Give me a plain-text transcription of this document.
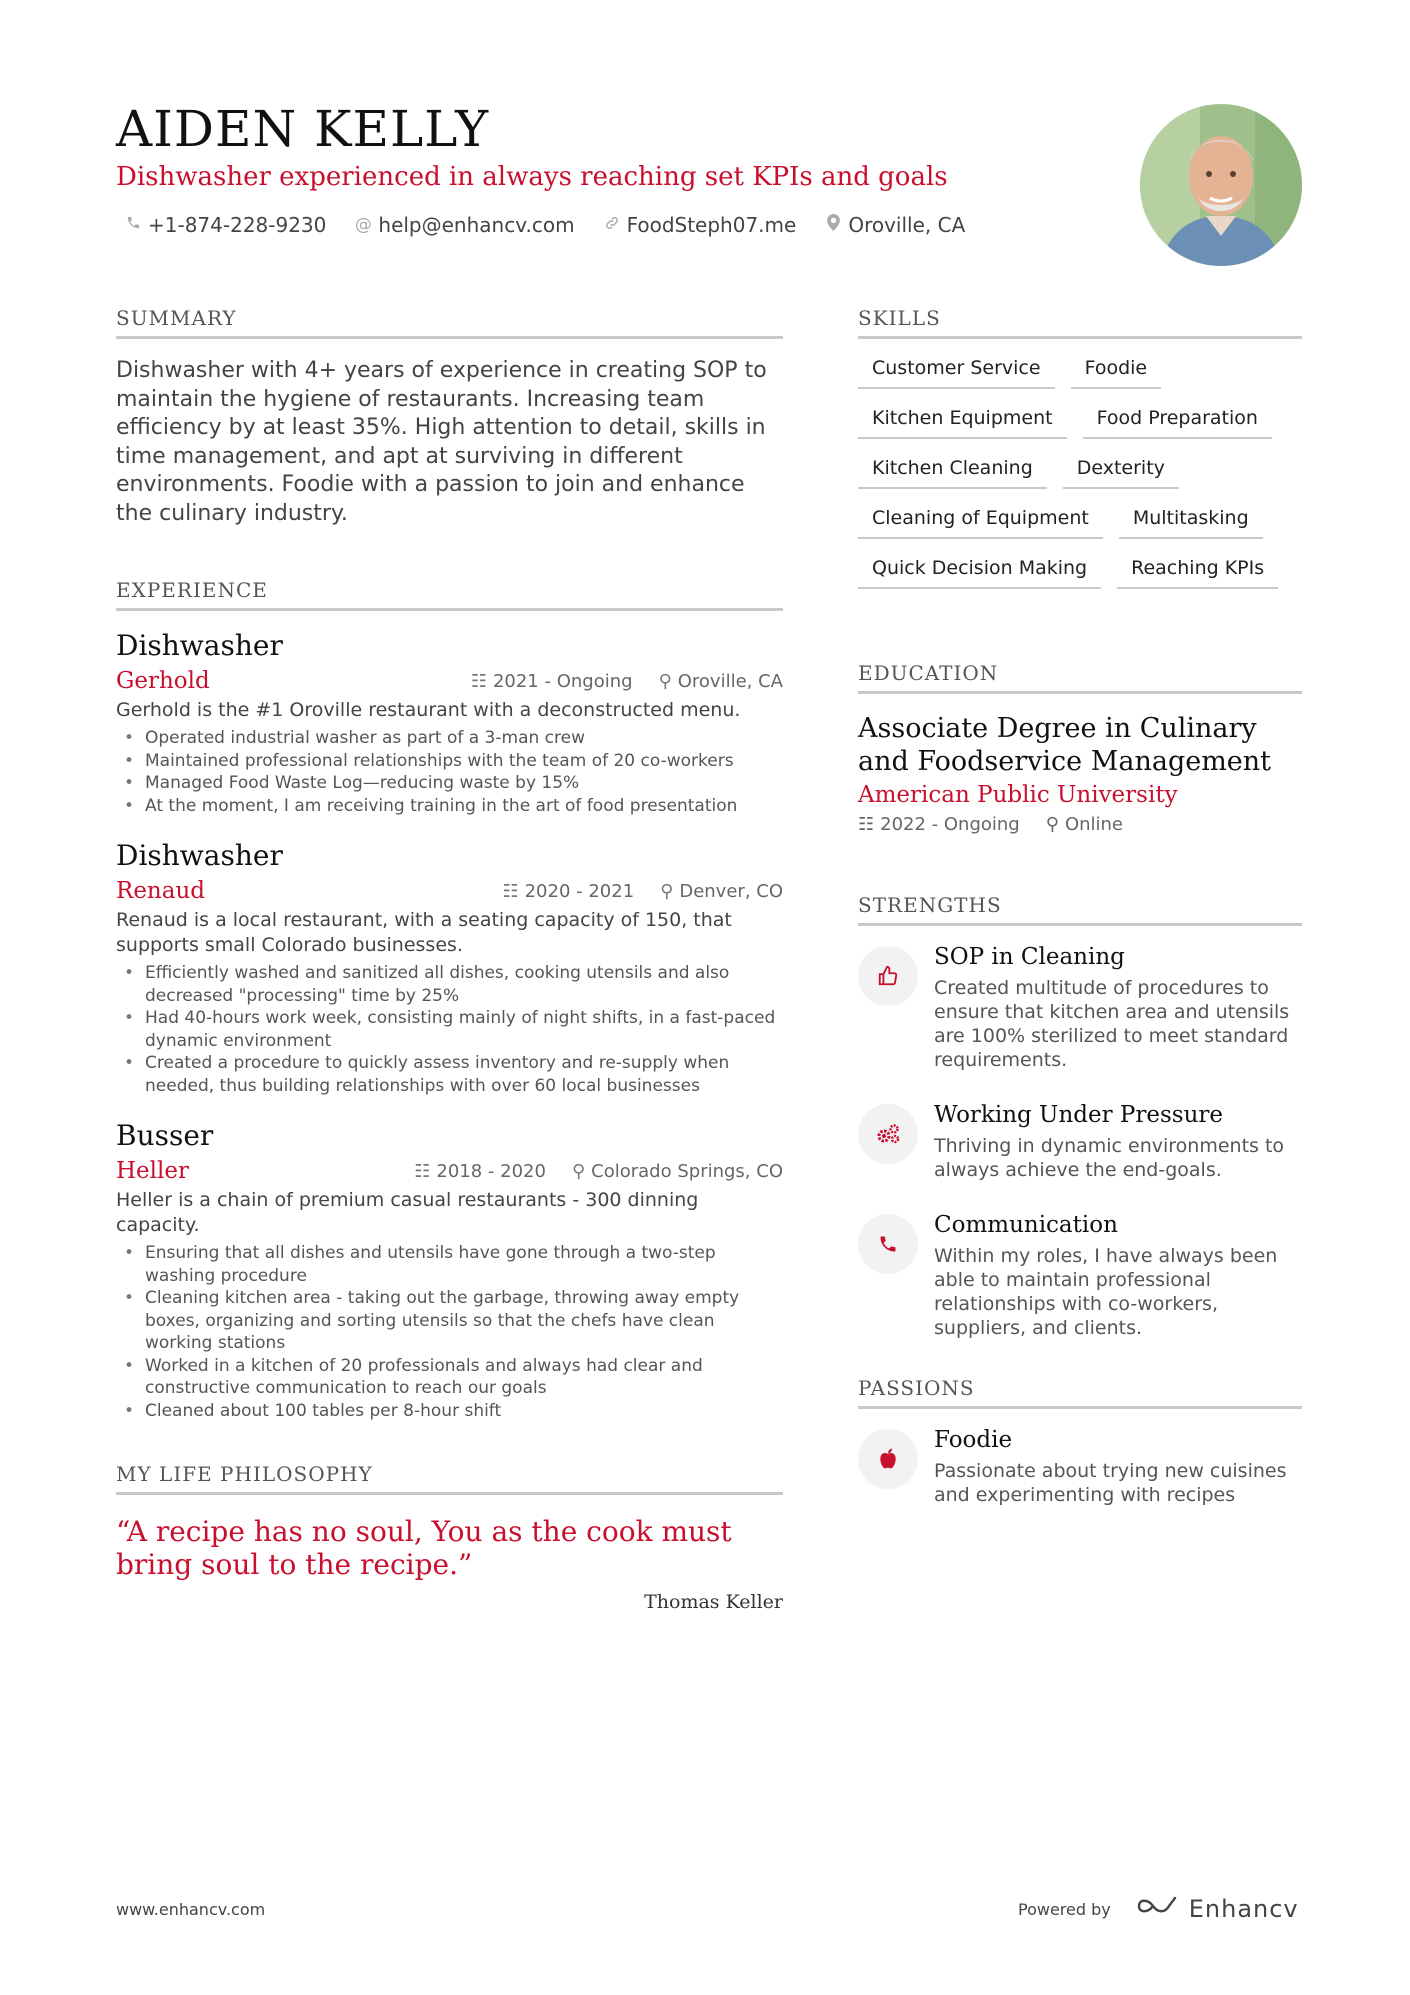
AIDEN KELLY
Dishwasher experienced in always reaching set KPIs and goals
+1-874-228-9230 @ help@enhancv.com	FoodSteph07.me	Oroville, CA
SUMMARY

Dishwasher with 4+ years of experience in creating SOP to maintain the hygiene of restaurants. Increasing team efficiency by at least 35%. High attention to detail, skills in time management, and apt at surviving in different environments. Foodie with a passion to join and enhance the culinary industry.

EXPERIENCE
Dishwasher
Gerhold	☷ 2021 - Ongoing ⚲ Oroville, CA

Gerhold is the #1 Oroville restaurant with a deconstructed menu.

• Operated industrial washer as part of a 3-man crew
• Maintained professional relationships with the team of 20 co-workers
• Managed Food Waste Log—reducing waste by 15%
• At the moment, I am receiving training in the art of food presentation
Dishwasher
Renaud	☷ 2020 - 2021 ⚲ Denver, CO

Renaud is a local restaurant, with a seating capacity of 150, that supports small Colorado businesses.

• Efficiently washed and sanitized all dishes, cooking utensils and also decreased "processing" time by 25%
• Had 40-hours work week, consisting mainly of night shifts, in a fast-paced dynamic environment
• Created a procedure to quickly assess inventory and re-supply when needed, thus building relationships with over 60 local businesses
Busser
Heller	☷ 2018 - 2020 ⚲ Colorado Springs, CO

Heller is a chain of premium casual restaurants - 300 dinning capacity.

• Ensuring that all dishes and utensils have gone through a two-step washing procedure
• Cleaning kitchen area - taking out the garbage, throwing away empty boxes, organizing and sorting utensils so that the chefs have clean working stations
• Worked in a kitchen of 20 professionals and always had clear and constructive communication to reach our goals
• Cleaned about 100 tables per 8-hour shift
MY LIFE PHILOSOPHY
“A recipe has no soul, You as the cook must bring soul to the recipe.”
Thomas Keller
SKILLS
Customer Service	Foodie
Kitchen Equipment	Food Preparation
Kitchen Cleaning	Dexterity
Cleaning of Equipment	Multitasking
Quick Decision Making	Reaching KPIs
EDUCATION
Associate Degree in Culinary and Foodservice Management
American Public University
☷ 2022 - Ongoing ⚲ Online
STRENGTHS
SOP in Cleaning
Created multitude of procedures to ensure that kitchen area and utensils are 100% sterilized to meet standard requirements.
Working Under Pressure
Thriving in dynamic environments to always achieve the end-goals.
Communication
Within my roles, I have always been able to maintain professional relationships with co-workers, suppliers, and clients.
PASSIONS
Foodie
Passionate about trying new cuisines and experimenting with recipes
www.enhancv.com	Powered by	Enhancv
